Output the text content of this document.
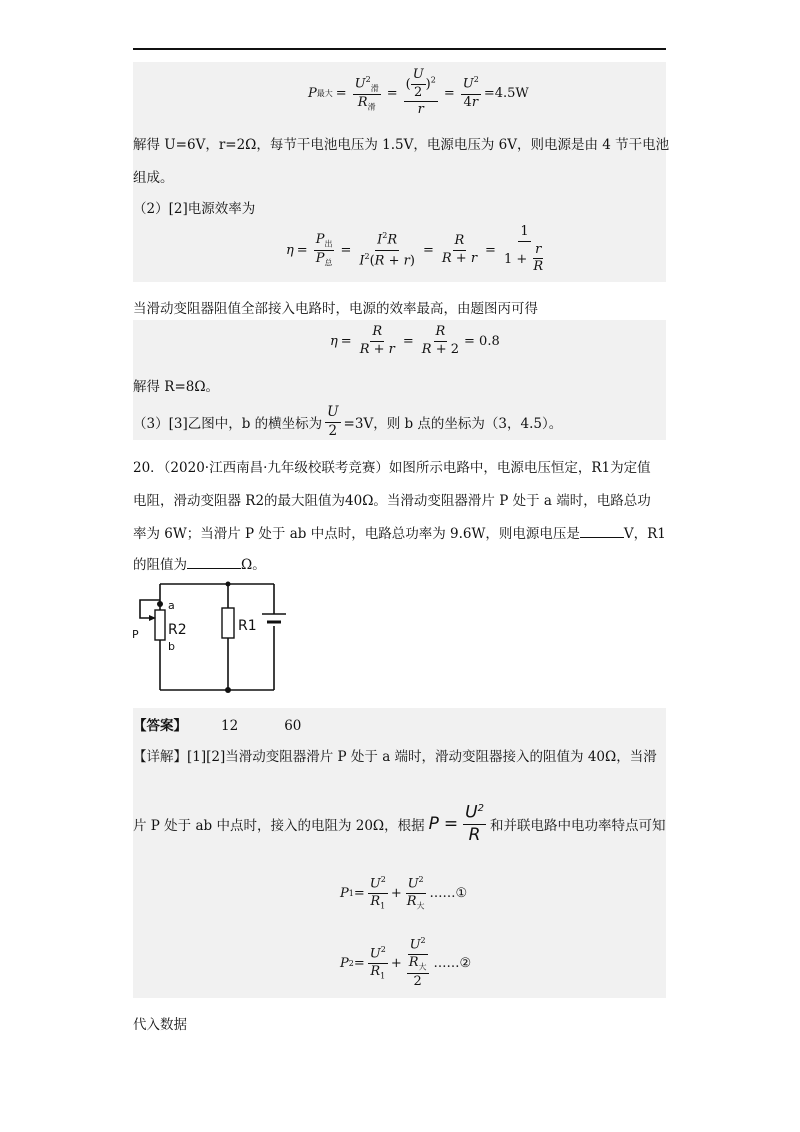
P 最大 = $\frac{U^2_滑}{R_滑} = \frac{( \frac{U}{2} )^2}{r} = \frac{U^2}{4r} =4.5W$
解得 U=6V，r=2Ω，每节干电池电压为 1.5V，电源电压为 6V，则电源是由 4 节干电池
组成。
（2）[2]电源效率为
$\eta = \frac{P_出}{P_总} = \frac{I^2R}{I^2(R + r)} = \frac{R}{R + r} = \frac{1}{1 + \frac{r}{R}}$
当滑动变阻器阻值全部接入电路时，电源的效率最高，由题图丙可得
$\eta = \frac{R}{R + r} = \frac{R}{R + 2} = 0.8$
解得 R=8Ω。
（3）[3]乙图中，b 的横坐标为 $\frac{U}{2} =3V$，则 b 点的坐标为（3，4.5）。
20．（2020·江西南昌·九年级校联考竞赛）如图所示电路中，电源电压恒定，R1为定值
电阻，滑动变阻器 R2的最大阻值为40Ω。当滑动变阻器滑片 P 处于 a 端时，电路总功
率为 6W；当滑片 P 处于 ab 中点时，电路总功率为 9.6W，则电源电压是	V，R1
的阻值为	Ω。
a
b
P R2	R1
【答案】	12	60
【详解】[1][2]当滑动变阻器滑片 P 处于 a 端时，滑动变阻器接入的阻值为 40Ω，当滑
片 P 处于 ab 中点时，接入的电阻为 20Ω，根据 $P = \frac{U^2}{R}$ 和并联电路中电功率特点可知
P $1 = \frac{U^2}{R_1} + \frac{U^2}{R_大}$ ……①
P $2 = \frac{U^2}{R_1} + \frac{U^2}{\frac{R_大}{2}}$ ……②
代入数据
